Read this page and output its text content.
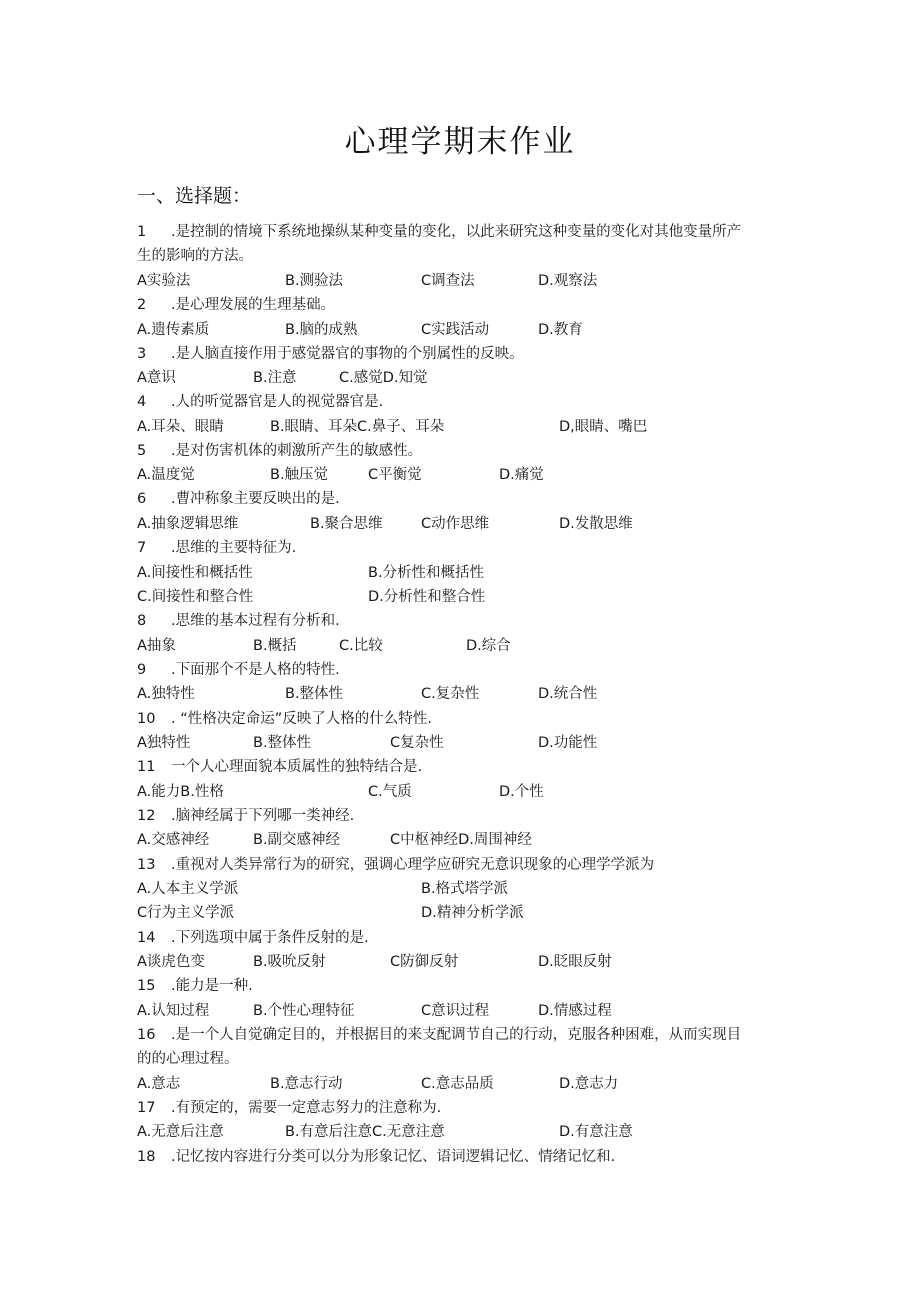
心理学期末作业
一、选择题：
1 .是控制的情境下系统地操纵某种变量的变化，以此来研究这种变量的变化对其他变量所产
生的影响的方法。
A实验法	B.测验法	C调查法	D.观察法
2 .是心理发展的生理基础。
A.遗传素质	B.脑的成熟	C实践活动	D.教育
3 .是人脑直接作用于感觉器官的事物的个别属性的反映。
A意识	B.注意	C.感觉D.知觉
4 .人的听觉器官是人的视觉器官是.
A.耳朵、眼睛	B.眼睛、耳朵C.鼻子、耳朵	D,眼睛、嘴巴
5 .是对伤害机体的刺激所产生的敏感性。
A.温度觉	B.触压觉	C平衡觉	D.痛觉
6 .曹冲称象主要反映出的是.
A.抽象逻辑思维	B.聚合思维	C动作思维	D.发散思维
7 .思维的主要特征为.
A.间接性和概括性	B.分析性和概括性
C.间接性和整合性	D.分析性和整合性
8 .思维的基本过程有分析和.
A抽象	B.概括	C.比较	D.综合
9 .下面那个不是人格的特性.
A.独特性	B.整体性	C.复杂性	D.统合性
10 . “性格决定命运”反映了人格的什么特性.
A独特性	B.整体性	C复杂性	D.功能性
11 一个人心理面貌本质属性的独特结合是.
A.能力B.性格	C.气质	D.个性
12 .脑神经属于下列哪一类神经.
A.交感神经	B.副交感神经	C中枢神经D.周围神经
13 .重视对人类异常行为的研究，强调心理学应研究无意识现象的心理学学派为
A.人本主义学派	B.格式塔学派
C行为主义学派	D.精神分析学派
14 .下列选项中属于条件反射的是.
A谈虎色变	B.吸吮反射	C防御反射	D.眨眼反射
15 .能力是一种.
A.认知过程	B.个性心理特征	C意识过程	D.情感过程
16 .是一个人自觉确定目的，并根据目的来支配调节自己的行动，克服各种困难，从而实现目
的的心理过程。
A.意志	B.意志行动	C.意志品质	D.意志力
17 .有预定的，需要一定意志努力的注意称为.
A.无意后注意	B.有意后注意C.无意注意	D.有意注意
18 .记忆按内容进行分类可以分为形象记忆、语词逻辑记忆、情绪记忆和.
